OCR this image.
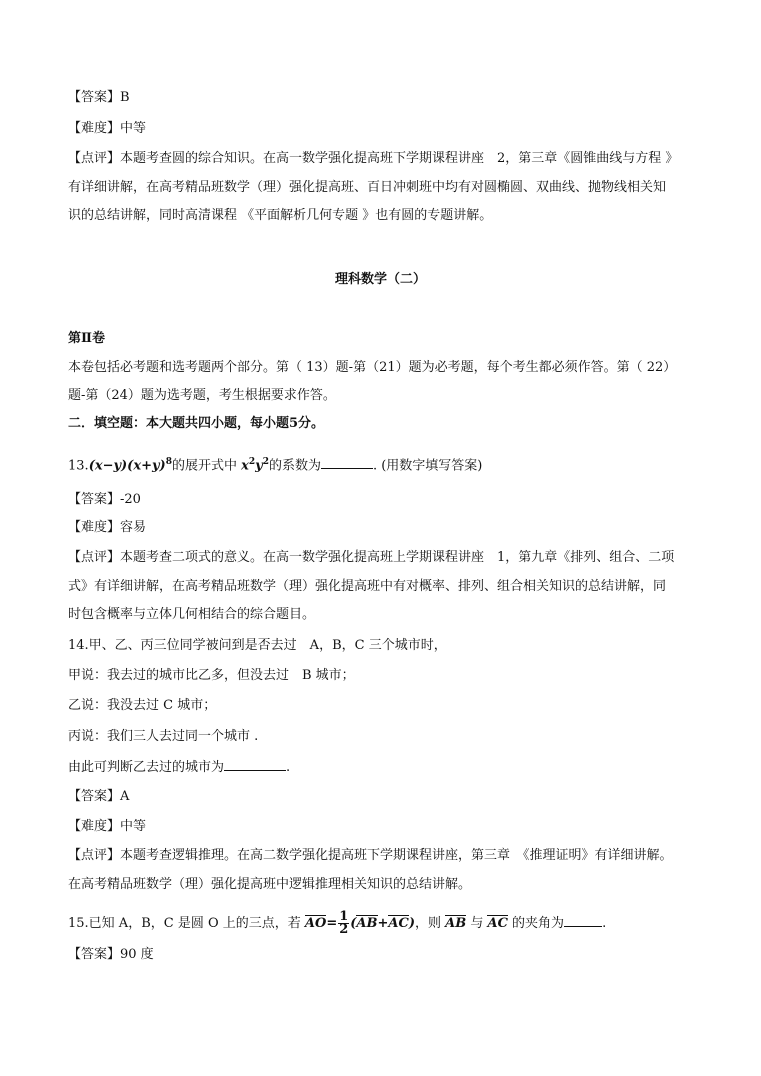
【答案】B
【难度】中等
【点评】本题考查圆的综合知识。在高一数学强化提高班下学期课程讲座　2，第三章《圆锥曲线与方程 》
有详细讲解，在高考精品班数学（理）强化提高班、百日冲刺班中均有对圆椭圆、双曲线、抛物线相关知
识的总结讲解，同时高清课程 《平面解析几何专题 》也有圆的专题讲解。
理科数学（二）
第Ⅱ卷
本卷包括必考题和选考题两个部分。第（ 13）题-第（21）题为必考题，每个考生都必须作答。第（ 22）
题-第（24）题为选考题，考生根据要求作答。
二．填空题：本大题共四小题，每小题5分。
$13.(x-y)(x+y)^8$的展开式中 $x^2y^2$的系数为	. (用数字填写答案)
【答案】-20
【难度】容易
【点评】本题考查二项式的意义。在高一数学强化提高班上学期课程讲座　1，第九章《排列、组合、二项
式》有详细讲解，在高考精品班数学（理）强化提高班中有对概率、排列、组合相关知识的总结讲解，同
时包含概率与立体几何相结合的综合题目。
14.甲、乙、丙三位同学被问到是否去过　A，B，C 三个城市时，
甲说：我去过的城市比乙多，但没去过　B 城市；
乙说：我没去过 C 城市；
丙说：我们三人去过同一个城市 .
由此可判断乙去过的城市为	.
【答案】A
【难度】中等
【点评】本题考查逻辑推理。在高二数学强化提高班下学期课程讲座，第三章　《推理证明》有详细讲解。
在高考精品班数学（理）强化提高班中逻辑推理相关知识的总结讲解。
15.已知 A，B，C 是圆 O 上的三点，若 $AO= \frac{1}{2} (AB+AC)$，则 AB 与 AC 的夹角为	.
【答案】90 度
